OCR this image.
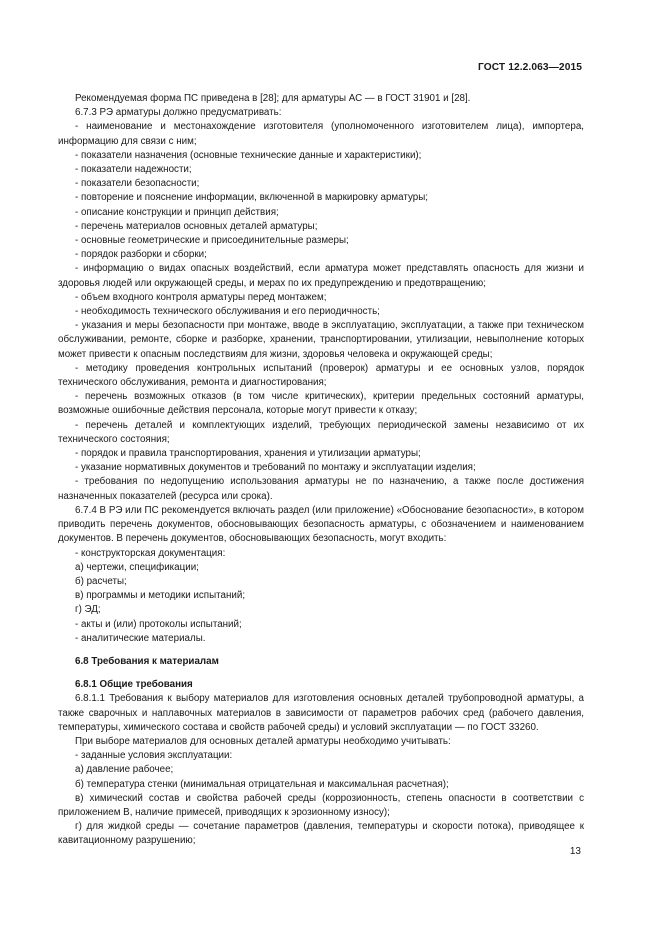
ГОСТ 12.2.063—2015

Рекомендуемая форма ПС приведена в [28]; для арматуры АС — в ГОСТ 31901 и [28].

6.7.3 РЭ арматуры должно предусматривать:

- наименование и местонахождение изготовителя (уполномоченного изготовителем лица), импортера, информацию для связи с ним;

- показатели назначения (основные технические данные и характеристики);

- показатели надежности;

- показатели безопасности;

- повторение и пояснение информации, включенной в маркировку арматуры;

- описание конструкции и принцип действия;

- перечень материалов основных деталей арматуры;

- основные геометрические и присоединительные размеры;

- порядок разборки и сборки;

- информацию о видах опасных воздействий, если арматура может представлять опасность для жизни и здоровья людей или окружающей среды, и мерах по их предупреждению и предотвращению;

- объем входного контроля арматуры перед монтажем;

- необходимость технического обслуживания и его периодичность;

- указания и меры безопасности при монтаже, вводе в эксплуатацию, эксплуатации, а также при техническом обслуживании, ремонте, сборке и разборке, хранении, транспортировании, утилизации, невыполнение которых может привести к опасным последствиям для жизни, здоровья человека и окружающей среды;

- методику проведения контрольных испытаний (проверок) арматуры и ее основных узлов, порядок технического обслуживания, ремонта и диагностирования;

- перечень возможных отказов (в том числе критических), критерии предельных состояний арматуры, возможные ошибочные действия персонала, которые могут привести к отказу;

- перечень деталей и комплектующих изделий, требующих периодической замены независимо от их технического состояния;

- порядок и правила транспортирования, хранения и утилизации арматуры;

- указание нормативных документов и требований по монтажу и эксплуатации изделия;

- требования по недопущению использования арматуры не по назначению, а также после достижения назначенных показателей (ресурса или срока).

6.7.4 В РЭ или ПС рекомендуется включать раздел (или приложение) «Обоснование безопасности», в котором приводить перечень документов, обосновывающих безопасность арматуры, с обозначением и наименованием документов. В перечень документов, обосновывающих безопасность, могут входить:

- конструкторская документация:

а) чертежи, спецификации;

б) расчеты;

в) программы и методики испытаний;

г) ЭД;

- акты и (или) протоколы испытаний;

- аналитические материалы.

6.8 Требования к материалам

6.8.1 Общие требования

6.8.1.1 Требования к выбору материалов для изготовления основных деталей трубопроводной арматуры, а также сварочных и наплавочных материалов в зависимости от параметров рабочих сред (рабочего давления, температуры, химического состава и свойств рабочей среды) и условий эксплуатации — по ГОСТ 33260.

При выборе материалов для основных деталей арматуры необходимо учитывать:

- заданные условия эксплуатации:

а) давление рабочее;

б) температура стенки (минимальная отрицательная и максимальная расчетная);

в) химический состав и свойства рабочей среды (коррозионность, степень опасности в соответствии с приложением В, наличие примесей, приводящих к эрозионному износу);

г) для жидкой среды — сочетание параметров (давления, температуры и скорости потока), приводящее к кавитационному разрушению;

13
